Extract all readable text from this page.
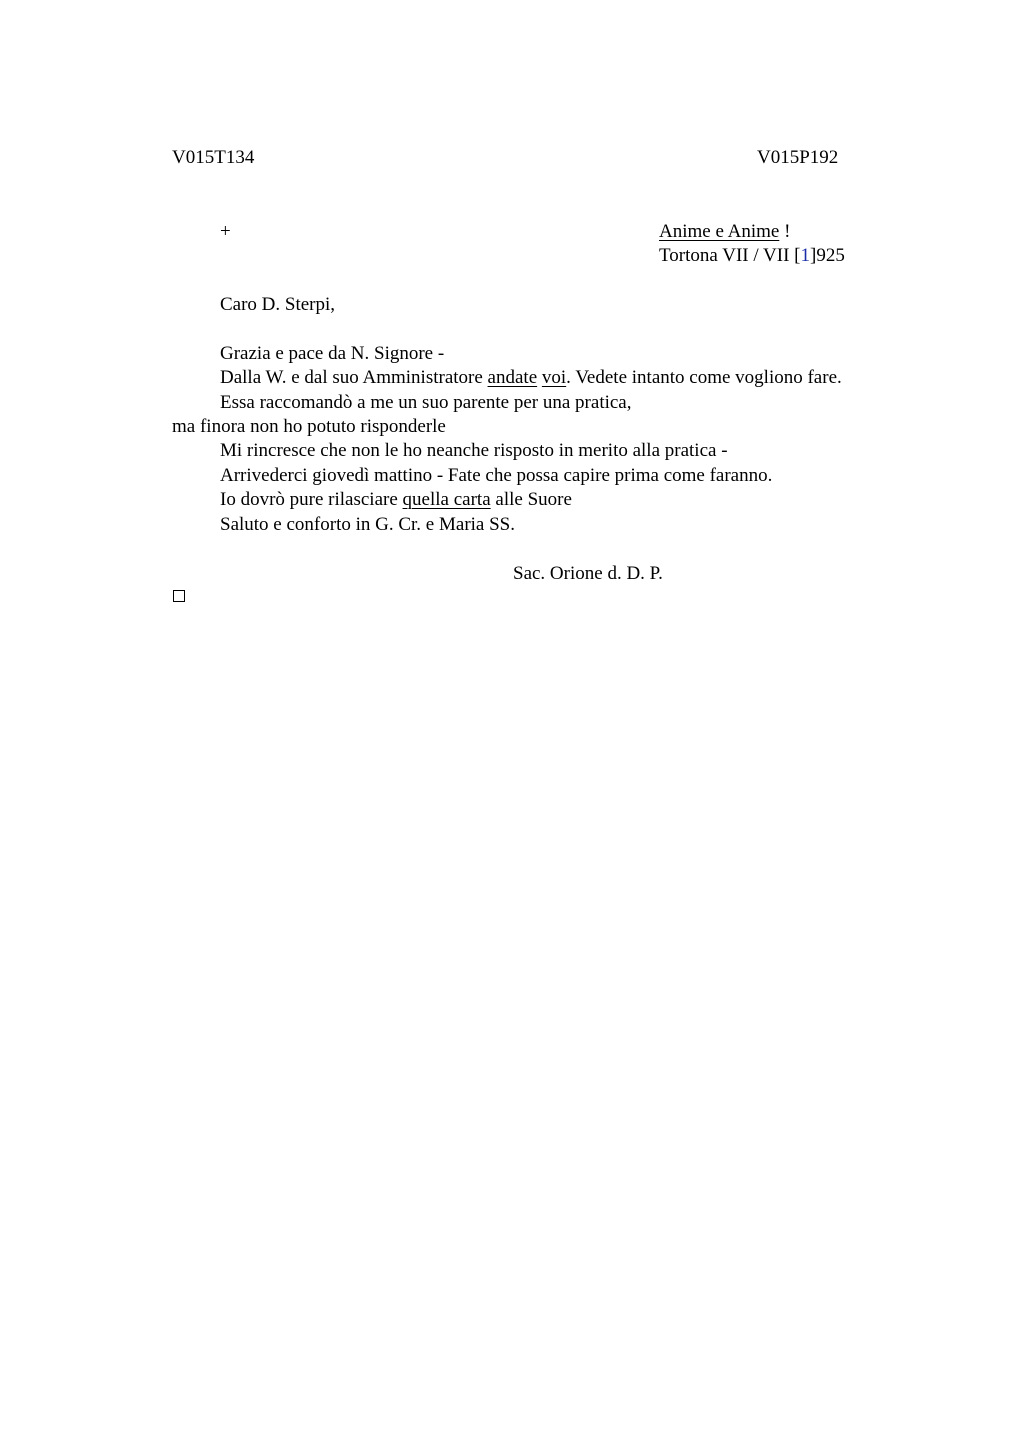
V015T134	V015P192
+	Anime e Anime !
Tortona VII / VII [1]925
Caro D. Sterpi,
Grazia e pace da N. Signore -
Dalla W. e dal suo Amministratore andate voi. Vedete intanto come vogliono fare.
Essa raccomandò a me un suo parente per una pratica,
ma finora non ho potuto risponderle
Mi rincresce che non le ho neanche risposto in merito alla pratica -
Arrivederci giovedì mattino - Fate che possa capire prima come faranno.
Io dovrò pure rilasciare quella carta alle Suore
Saluto e conforto in G. Cr. e Maria SS.
Sac. Orione d. D. P.
